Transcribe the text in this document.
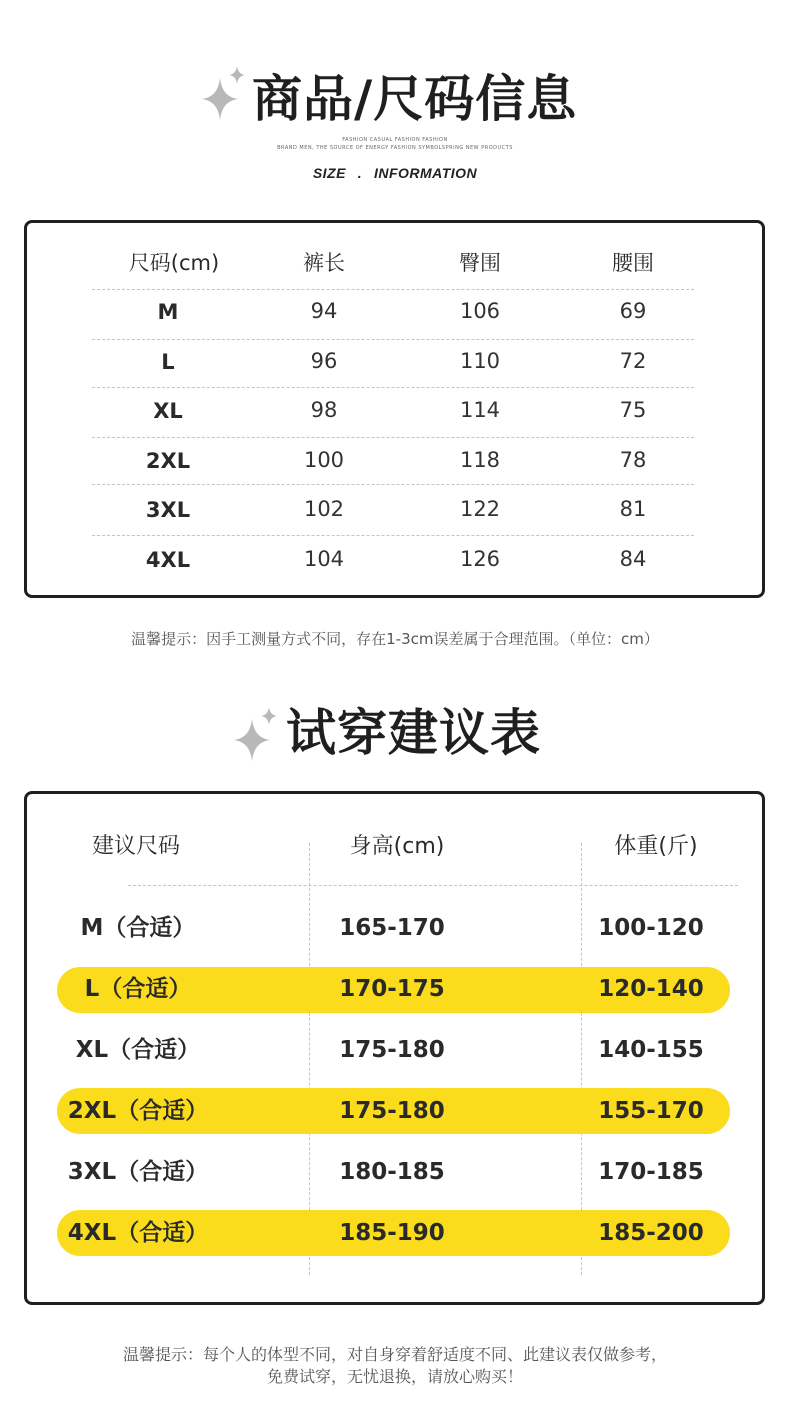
商品/尺码信息
FASHION CASUAL FASHION FASHION
BRAND MEN, THE SOURCE OF ENERGY FASHION SYMBOLSPRING NEW PRODUCTS
SIZE . INFORMATION
尺码(cm)	裤长	臀围	腰围
M	94	106	69
L	96	110	72
XL	98	114	75
2XL	100	118	78
3XL	102	122	81
4XL	104	126	84
温馨提示：因手工测量方式不同，存在1-3cm误差属于合理范围。（单位：cm）
试穿建议表
建议尺码	身高(cm)	体重(斤)
M（合适）	165-170	100-120
L（合适）	170-175	120-140
XL（合适）	175-180	140-155
2XL（合适）	175-180	155-170
3XL（合适）	180-185	170-185
4XL（合适）	185-190	185-200
温馨提示：每个人的体型不同，对自身穿着舒适度不同、此建议表仅做参考，
免费试穿，无忧退换，请放心购买！
